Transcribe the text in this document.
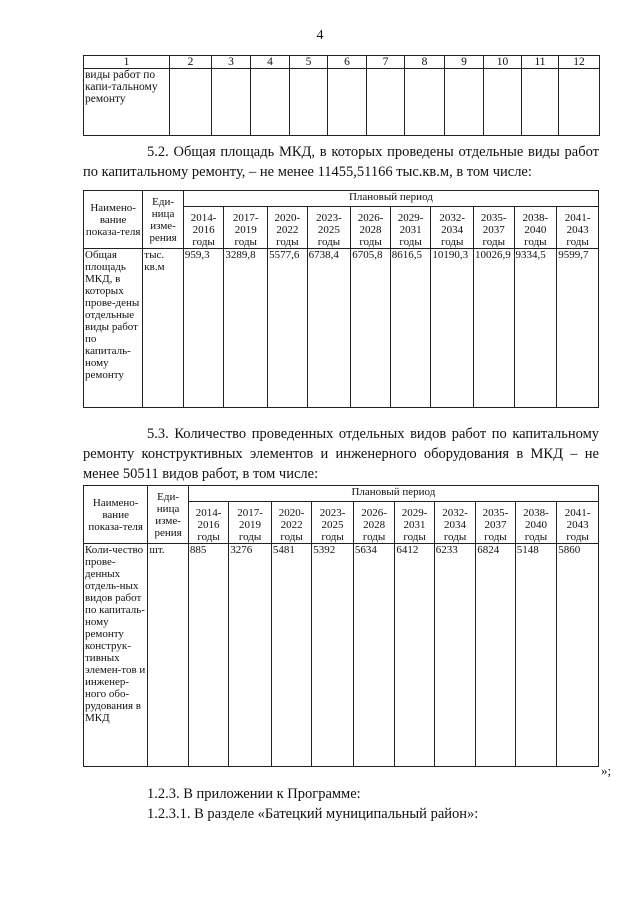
4
1	2	3	4	5	6	7	8	9	10	11	12
виды работ по капи-тальному ремонту											
5.2. Общая площадь МКД, в которых проведены отдельные виды работ по капитальному ремонту, – не менее 11455,51166 тыс.кв.м, в том числе:
Наимено-вание показа-теля	Еди-ница изме-рения	Плановый период									
		2014-2016 годы	2017-2019 годы	2020-2022 годы	2023-2025 годы	2026-2028 годы	2029-2031 годы	2032-2034 годы	2035-2037 годы	2038-2040 годы	2041-2043 годы
Общая площадь МКД, в которых прове-дены отдельные виды работ по капиталь-ному ремонту	тыс. кв.м	959,3	3289,8	5577,6	6738,4	6705,8	8616,5	10190,3	10026,9	9334,5	9599,7
5.3. Количество проведенных отдельных видов работ по капитальному ремонту конструктивных элементов и инженерного оборудования в МКД – не менее 50511 видов работ, в том числе:
Наимено-вание показа-теля	Еди-ница изме-рения	Плановый период									
		2014-2016 годы	2017-2019 годы	2020-2022 годы	2023-2025 годы	2026-2028 годы	2029-2031 годы	2032-2034 годы	2035-2037 годы	2038-2040 годы	2041-2043 годы
Коли-чество прове-денных отдель-ных видов работ по капиталь-ному ремонту конструк-тивных элемен-тов и инженер-ного обо-рудования в МКД	шт.	885	3276	5481	5392	5634	6412	6233	6824	5148	5860
»;
1.2.3. В приложении к Программе:
1.2.3.1. В разделе «Батецкий муниципальный район»:
